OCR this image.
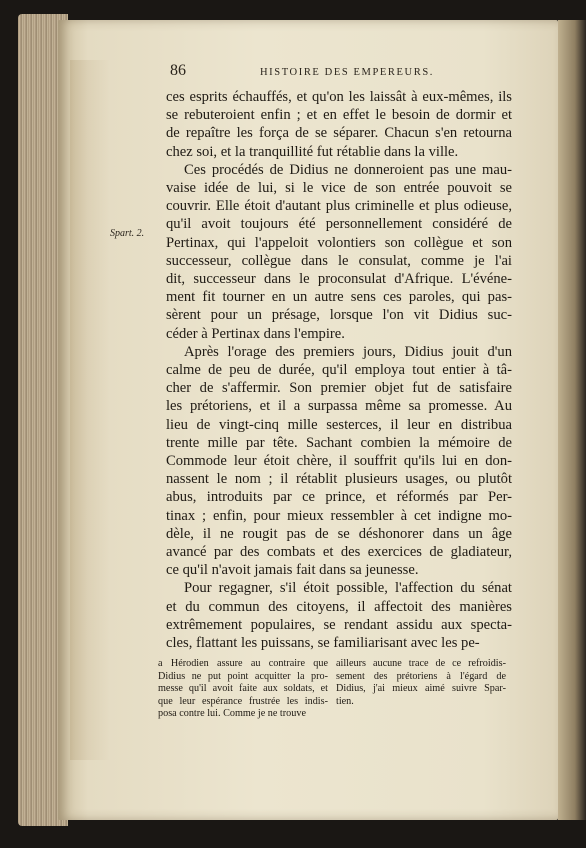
86	HISTOIRE DES EMPEREURS.
Spart. 2.
ces esprits échauffés, et qu'on les laissât à eux-mêmes, ils
se rebuteroient enfin ; et en effet le besoin de dormir et
de repaître les força de se séparer. Chacun s'en retourna
chez soi, et la tranquillité fut rétablie dans la ville.
Ces procédés de Didius ne donneroient pas une mau-
vaise idée de lui, si le vice de son entrée pouvoit se
couvrir. Elle étoit d'autant plus criminelle et plus odieuse,
qu'il avoit toujours été personnellement considéré de
Pertinax, qui l'appeloit volontiers son collègue et son
successeur, collègue dans le consulat, comme je l'ai
dit, successeur dans le proconsulat d'Afrique. L'événe-
ment fit tourner en un autre sens ces paroles, qui pas-
sèrent pour un présage, lorsque l'on vit Didius suc-
céder à Pertinax dans l'empire.
Après l'orage des premiers jours, Didius jouit d'un
calme de peu de durée, qu'il employa tout entier à tâ-
cher de s'affermir. Son premier objet fut de satisfaire
les prétoriens, et il a surpassa même sa promesse. Au
lieu de vingt-cinq mille sesterces, il leur en distribua
trente mille par tête. Sachant combien la mémoire de
Commode leur étoit chère, il souffrit qu'ils lui en don-
nassent le nom ; il rétablit plusieurs usages, ou plutôt
abus, introduits par ce prince, et réformés par Per-
tinax ; enfin, pour mieux ressembler à cet indigne mo-
dèle, il ne rougit pas de se déshonorer dans un âge
avancé par des combats et des exercices de gladiateur,
ce qu'il n'avoit jamais fait dans sa jeunesse.
Pour regagner, s'il étoit possible, l'affection du sénat
et du commun des citoyens, il affectoit des manières
extrêmement populaires, se rendant assidu aux specta-
cles, flattant les puissans, se familiarisant avec les pe-
a Hérodien assure au contraire que
Didius ne put point acquitter la pro-
messe qu'il avoit faite aux soldats, et
que leur espérance frustrée les indis-
posa contre lui. Comme je ne trouve
ailleurs aucune trace de ce refroidis-
sement des prétoriens à l'égard de
Didius, j'ai mieux aimé suivre Spar-
tien.
